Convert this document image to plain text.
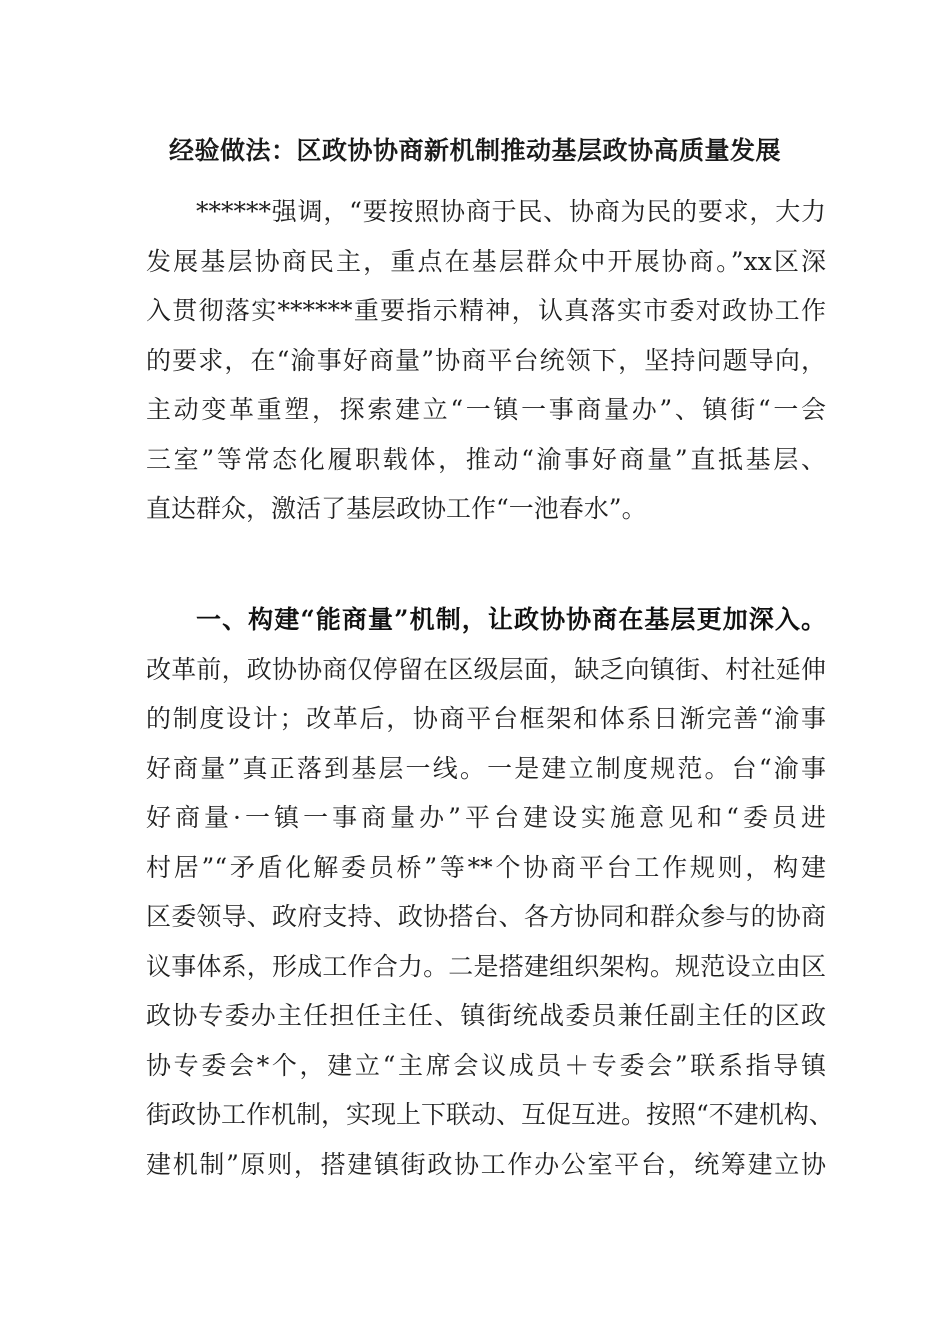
经验做法：区政协协商新机制推动基层政协高质量发展
******强调，“要按照协商于民、协商为民的要求，大力
发展基层协商民主，重点在基层群众中开展协商。”xx区深
入贯彻落实******重要指示精神，认真落实市委对政协工作
的要求，在“渝事好商量”协商平台统领下，坚持问题导向，
主动变革重塑，探索建立“一镇一事商量办”、镇街“一会
三室”等常态化履职载体，推动“渝事好商量”直抵基层、
直达群众，激活了基层政协工作“一池春水”。
一、构建“能商量”机制，让政协协商在基层更加深入。
改革前，政协协商仅停留在区级层面，缺乏向镇街、村社延伸
的制度设计；改革后，协商平台框架和体系日渐完善“渝事
好商量”真正落到基层一线。一是建立制度规范。台“渝事
好商量·一镇一事商量办”平台建设实施意见和“委员进
村居”“矛盾化解委员桥”等**个协商平台工作规则，构建
区委领导、政府支持、政协搭台、各方协同和群众参与的协商
议事体系，形成工作合力。二是搭建组织架构。规范设立由区
政协专委办主任担任主任、镇街统战委员兼任副主任的区政
协专委会*个，建立“主席会议成员＋专委会”联系指导镇
街政协工作机制，实现上下联动、互促互进。按照“不建机构、
建机制”原则，搭建镇街政协工作办公室平台，统筹建立协
